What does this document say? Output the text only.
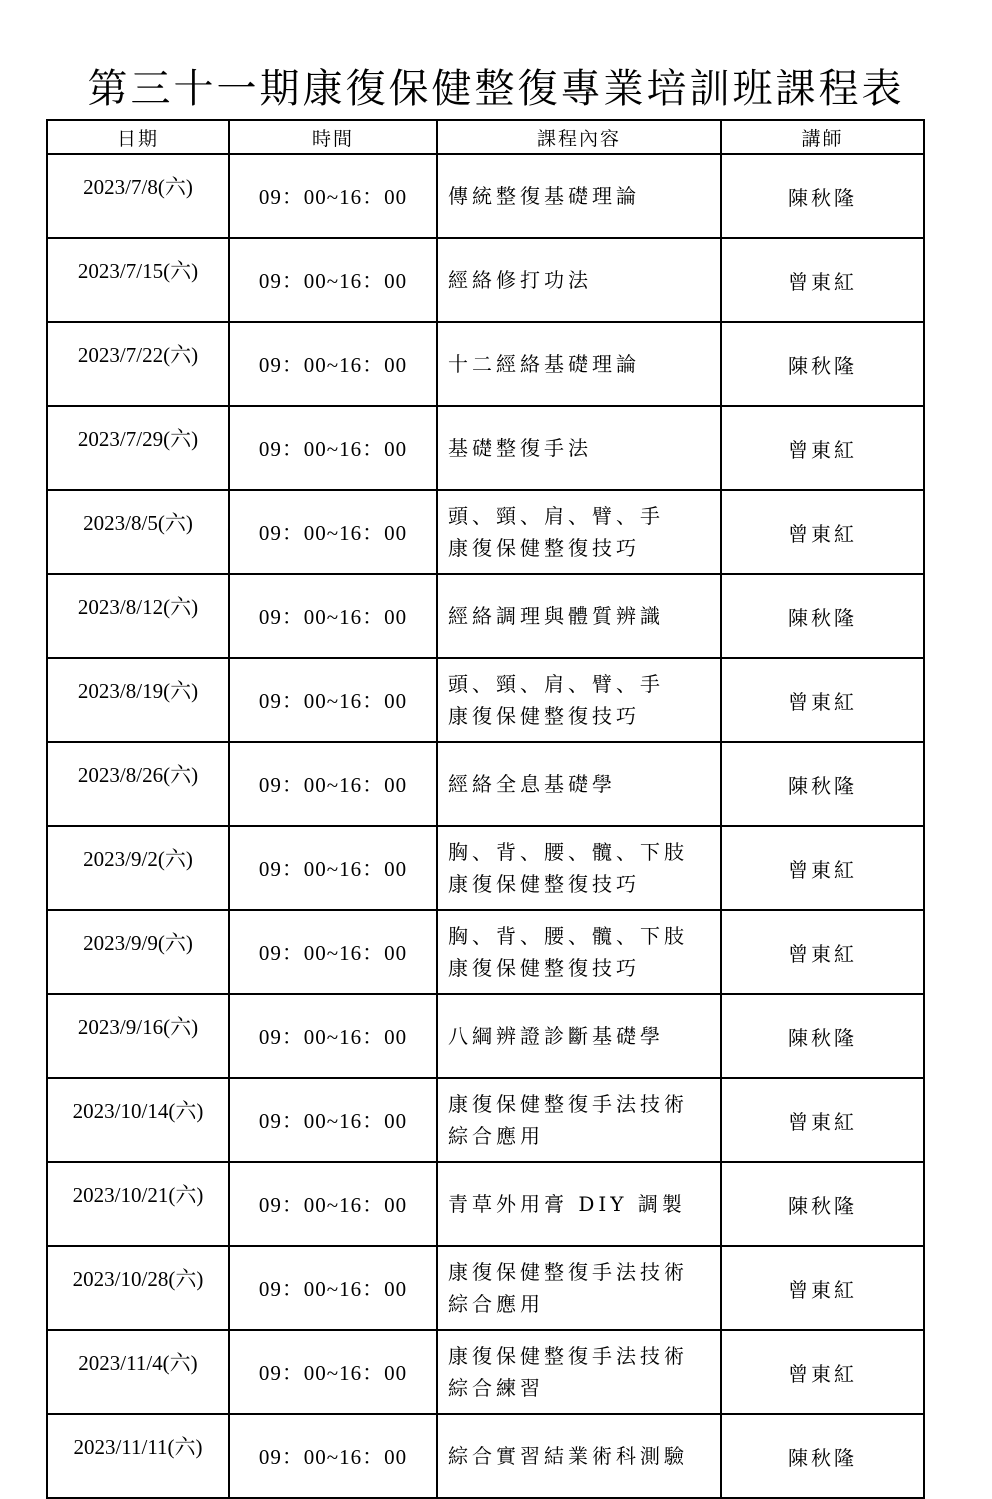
第三十一期康復保健整復專業培訓班課程表
日期	時間	課程內容	講師
2023/7/8(六)	09：00~16：00	傳統整復基礎理論	陳秋隆
2023/7/15(六)	09：00~16：00	經絡修打功法	曾東紅
2023/7/22(六)	09：00~16：00	十二經絡基礎理論	陳秋隆
2023/7/29(六)	09：00~16：00	基礎整復手法	曾東紅
2023/8/5(六)	09：00~16：00	頭、頸、肩、臂、手
康復保健整復技巧	曾東紅
2023/8/12(六)	09：00~16：00	經絡調理與體質辨識	陳秋隆
2023/8/19(六)	09：00~16：00	頭、頸、肩、臂、手
康復保健整復技巧	曾東紅
2023/8/26(六)	09：00~16：00	經絡全息基礎學	陳秋隆
2023/9/2(六)	09：00~16：00	胸、背、腰、髖、下肢
康復保健整復技巧	曾東紅
2023/9/9(六)	09：00~16：00	胸、背、腰、髖、下肢
康復保健整復技巧	曾東紅
2023/9/16(六)	09：00~16：00	八綱辨證診斷基礎學	陳秋隆
2023/10/14(六)	09：00~16：00	康復保健整復手法技術
綜合應用	曾東紅
2023/10/21(六)	09：00~16：00	青草外用膏 DIY 調製	陳秋隆
2023/10/28(六)	09：00~16：00	康復保健整復手法技術
綜合應用	曾東紅
2023/11/4(六)	09：00~16：00	康復保健整復手法技術
綜合練習	曾東紅
2023/11/11(六)	09：00~16：00	綜合實習結業術科測驗	陳秋隆
